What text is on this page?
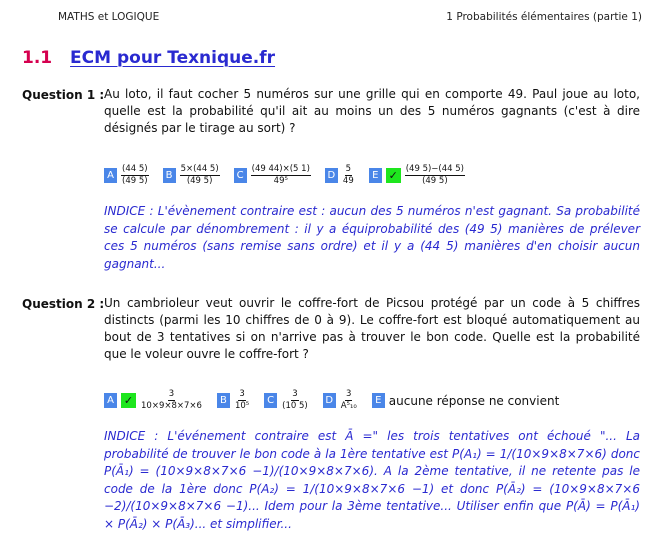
MATHS et LOGIQUE	1 Probabilités élémentaires (partie 1)
1.1 ECM pour Texnique.fr
Question 1 : Au loto, il faut cocher 5 numéros sur une grille qui en comporte 49. Paul joue au loto, quelle est la probabilité qu'il ait au moins un des 5 numéros gagnants (c'est à dire désignés par le tirage au sort) ?
A $\frac{(44 5)}{(49 5)}$	B $\frac{5\times(44 5)}{(49 5)}$	C $\frac{(49 44)\times(5 1)}{\text{49⁵}}$ D $\frac{5}{49}$	E ✓ $\frac{(49 5)-(44 5)}{(49 5)}$
INDICE : L'évènement contraire est : aucun des 5 numéros n'est gagnant. Sa probabilité se calcule par dénombrement : il y a équiprobabilité des (49 5) manières de prélever ces 5 numéros (sans remise sans ordre) et il y a (44 5) manières d'en choisir aucun gagnant...
Question 2 : Un cambrioleur veut ouvrir le coffre-fort de Picsou protégé par un code à 5 chiffres distincts (parmi les 10 chiffres de 0 à 9). Le coffre-fort est bloqué automatiquement au bout de 3 tentatives si on n'arrive pas à trouver le bon code. Quelle est la probabilité que le voleur ouvre le coffre-fort ?
A ✓ $\frac{3}{10\times 9\times 8\times 7\times 6}$	B $\frac{3}{\text{10⁵}}$	C $\frac{3}{(10 5)}$ D $\frac{3}{\text{A⁵₁₀}}$	E aucune réponse ne convient
INDICE : L'événement contraire est Ā =" les trois tentatives ont échoué "... La probabilité de trouver le bon code à la 1ère tentative est P(A₁) = 1/(10×9×8×7×6) donc P(Ā₁) = (10×9×8×7×6 −1)/(10×9×8×7×6). A la 2ème tentative, il ne retente pas le code de la 1ère donc P(A₂) = 1/(10×9×8×7×6 −1) et donc P(Ā₂) = (10×9×8×7×6 −2)/(10×9×8×7×6 −1)... Idem pour la 3ème tentative... Utiliser enfin que P(Ā) = P(Ā₁) × P(Ā₂) × P(Ā₃)... et simplifier...
